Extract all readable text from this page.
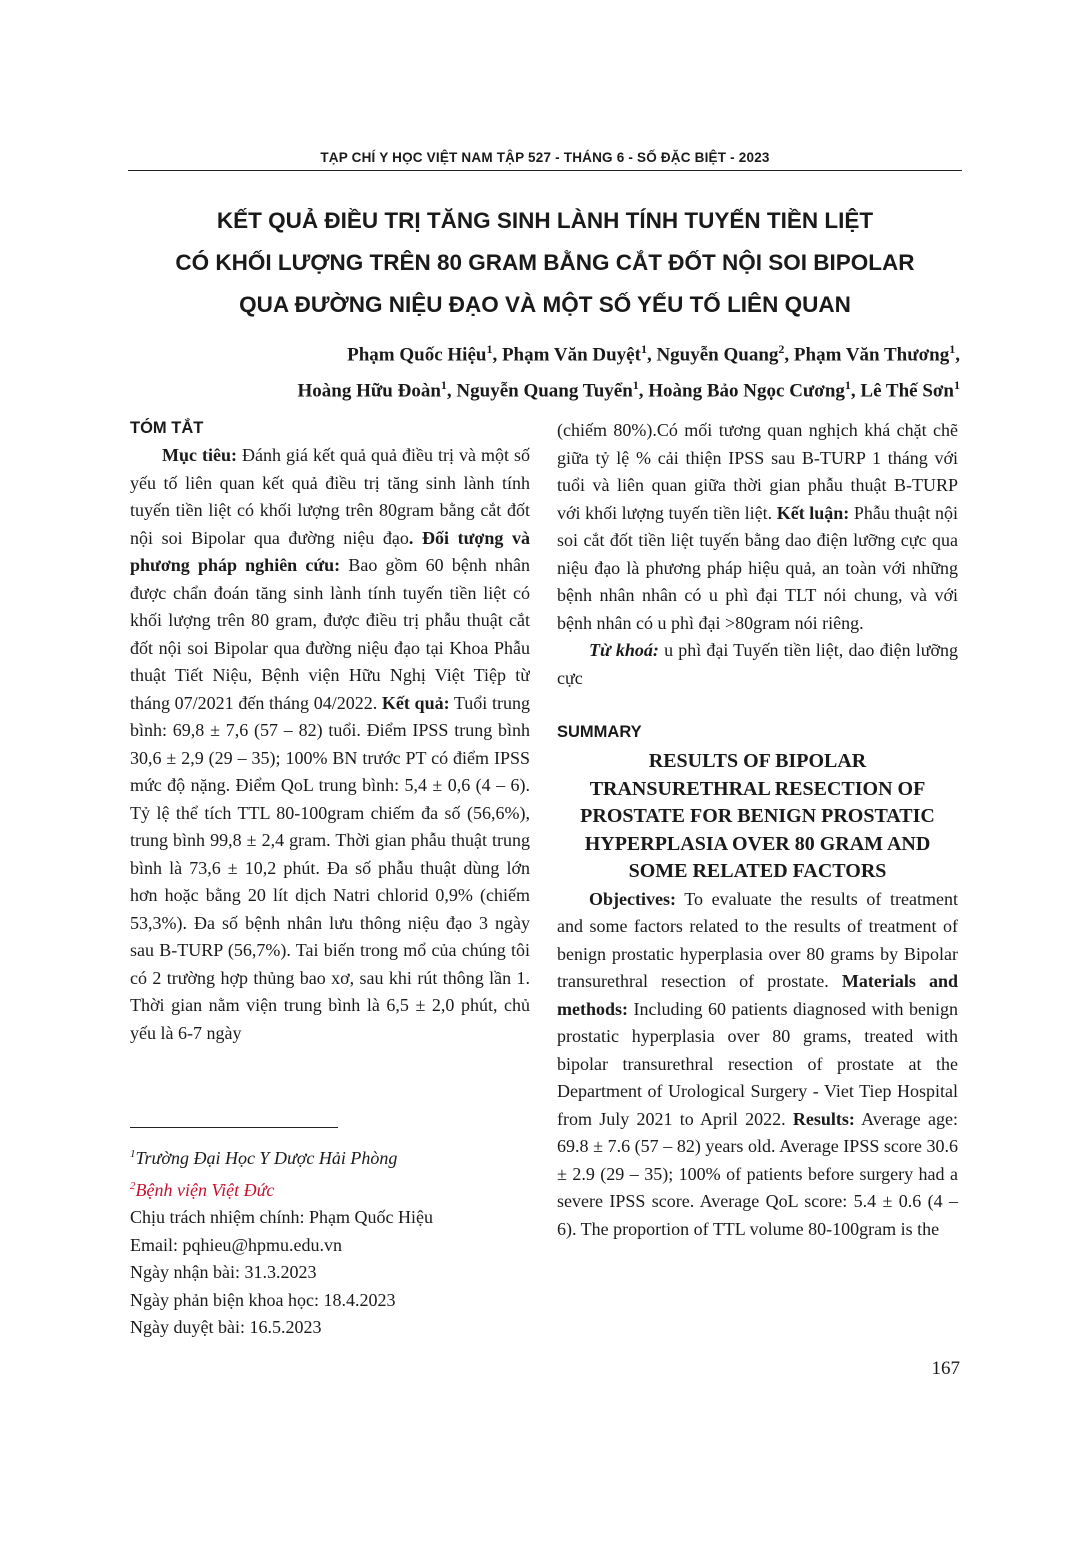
TẠP CHÍ Y HỌC VIỆT NAM TẬP 527 - THÁNG 6 - SỐ ĐẶC BIỆT - 2023
KẾT QUẢ ĐIỀU TRỊ TĂNG SINH LÀNH TÍNH TUYẾN TIỀN LIỆT
CÓ KHỐI LƯỢNG TRÊN 80 GRAM BẰNG CẮT ĐỐT NỘI SOI BIPOLAR
QUA ĐƯỜNG NIỆU ĐẠO VÀ MỘT SỐ YẾU TỐ LIÊN QUAN
Phạm Quốc Hiệu$^1$, Phạm Văn Duyệt$^1$, Nguyễn Quang$^2$, Phạm Văn Thương$^1$,
Hoàng Hữu Đoàn$^1$, Nguyễn Quang Tuyển$^1$, Hoàng Bảo Ngọc Cương$^1$, Lê Thế Sơn$^1$

TÓM TẮT

Mục tiêu: Đánh giá kết quả quả điều trị và một số yếu tố liên quan kết quả điều trị tăng sinh lành tính tuyến tiền liệt có khối lượng trên 80gram bằng cắt đốt nội soi Bipolar qua đường niệu đạo. Đối tượng và phương pháp nghiên cứu: Bao gồm 60 bệnh nhân được chẩn đoán tăng sinh lành tính tuyến tiền liệt có khối lượng trên 80 gram, được điều trị phẫu thuật cắt đốt nội soi Bipolar qua đường niệu đạo tại Khoa Phẫu thuật Tiết Niệu, Bệnh viện Hữu Nghị Việt Tiệp từ tháng 07/2021 đến tháng 04/2022. Kết quả: Tuổi trung bình: 69,8 ± 7,6 (57 – 82) tuổi. Điểm IPSS trung bình 30,6 ± 2,9 (29 – 35); 100% BN trước PT có điểm IPSS mức độ nặng. Điểm QoL trung bình: 5,4 ± 0,6 (4 – 6). Tỷ lệ thể tích TTL 80-100gram chiếm đa số (56,6%), trung bình 99,8 ± 2,4 gram. Thời gian phẫu thuật trung bình là 73,6 ± 10,2 phút. Đa số phẫu thuật dùng lớn hơn hoặc bằng 20 lít dịch Natri chlorid 0,9% (chiếm 53,3%). Đa số bệnh nhân lưu thông niệu đạo 3 ngày sau B-TURP (56,7%). Tai biến trong mổ của chúng tôi có 2 trường hợp thủng bao xơ, sau khi rút thông lần 1. Thời gian nằm viện trung bình là 6,5 ± 2,0 phút, chủ yếu là 6-7 ngày

$^1$Trường Đại Học Y Dược Hải Phòng

$^2$Bệnh viện Việt Đức

Chịu trách nhiệm chính: Phạm Quốc Hiệu

Email: pqhieu@hpmu.edu.vn

Ngày nhận bài: 31.3.2023

Ngày phản biện khoa học: 18.4.2023

Ngày duyệt bài: 16.5.2023

(chiếm 80%).Có mối tương quan nghịch khá chặt chẽ giữa tỷ lệ % cải thiện IPSS sau B-TURP 1 tháng với tuổi và liên quan giữa thời gian phẫu thuật B-TURP với khối lượng tuyến tiền liệt. Kết luận: Phẫu thuật nội soi cắt đốt tiền liệt tuyến bằng dao điện lưỡng cực qua niệu đạo là phương pháp hiệu quả, an toàn với những bệnh nhân nhân có u phì đại TLT nói chung, và với bệnh nhân có u phì đại >80gram nói riêng.

Từ khoá: u phì đại Tuyến tiền liệt, dao điện lưỡng cực

SUMMARY

RESULTS OF BIPOLAR TRANSURETHRAL RESECTION OF PROSTATE FOR BENIGN PROSTATIC HYPERPLASIA OVER 80 GRAM AND SOME RELATED FACTORS

Objectives: To evaluate the results of treatment and some factors related to the results of treatment of benign prostatic hyperplasia over 80 grams by Bipolar transurethral resection of prostate. Materials and methods: Including 60 patients diagnosed with benign prostatic hyperplasia over 80 grams, treated with bipolar transurethral resection of prostate at the Department of Urological Surgery - Viet Tiep Hospital from July 2021 to April 2022. Results: Average age: 69.8 ± 7.6 (57 – 82) years old. Average IPSS score 30.6 ± 2.9 (29 – 35); 100% of patients before surgery had a severe IPSS score. Average QoL score: 5.4 ± 0.6 (4 – 6). The proportion of TTL volume 80-100gram is the

167
